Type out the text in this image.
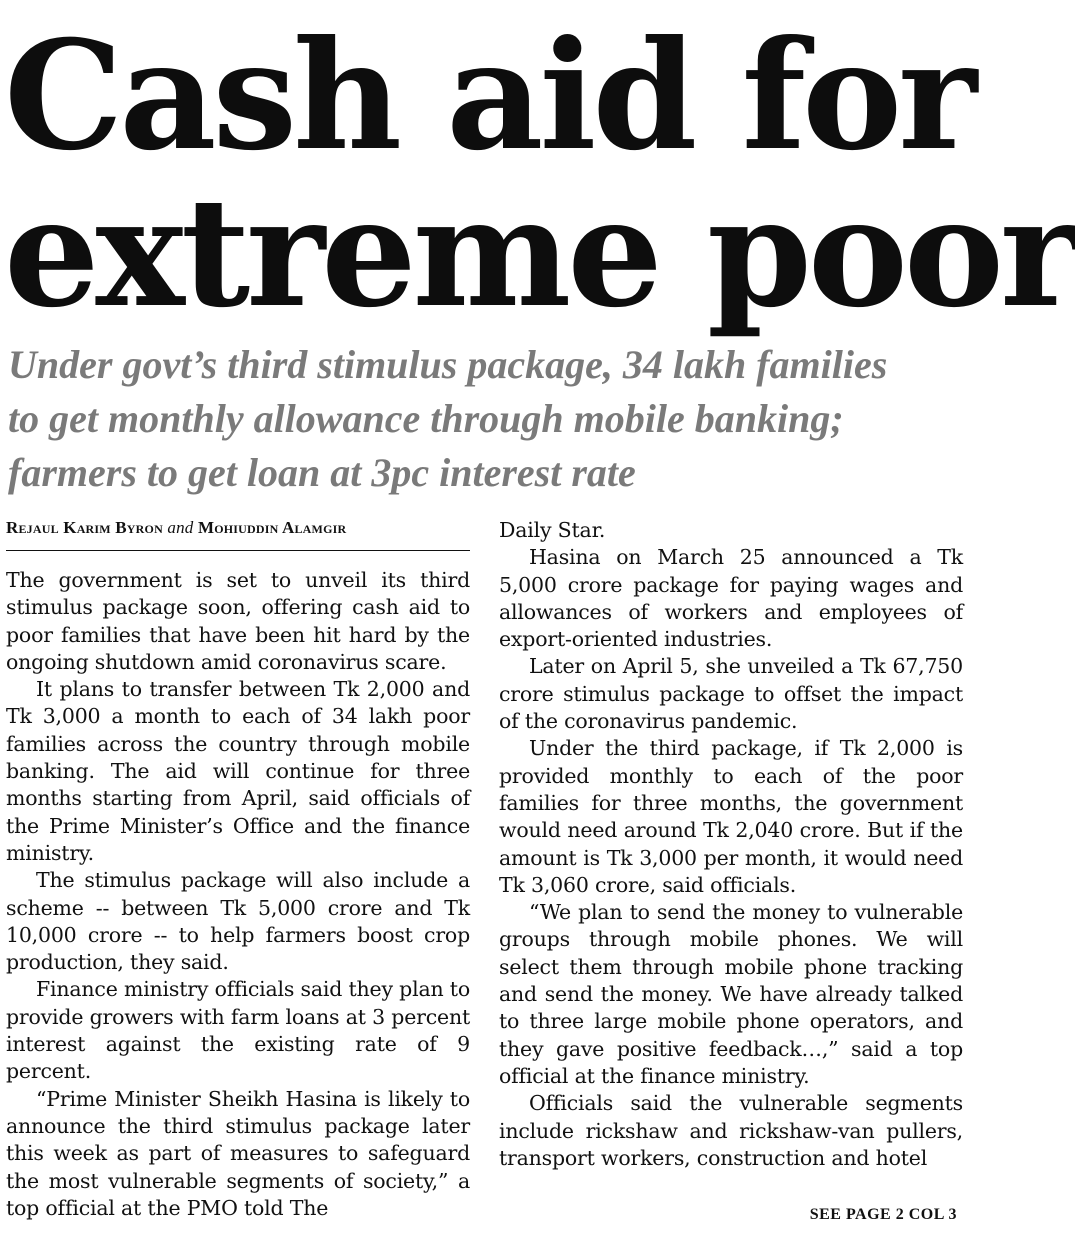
Cash aid for
extreme poor
Under govt’s third stimulus package, 34 lakh families
to get monthly allowance through mobile banking;
farmers to get loan at 3pc interest rate
Rejaul Karim Byron and Mohiuddin Alamgir

The government is set to unveil its third stimulus package soon, offering cash aid to poor families that have been hit hard by the ongoing shutdown amid coronavirus scare.

It plans to transfer between Tk 2,000 and Tk 3,000 a month to each of 34 lakh poor families across the country through mobile banking. The aid will continue for three months starting from April, said officials of the Prime Minister’s Office and the finance ministry.

The stimulus package will also include a scheme -- between Tk 5,000 crore and Tk 10,000 crore -- to help farmers boost crop production, they said.

Finance ministry officials said they plan to provide growers with farm loans at 3 percent interest against the existing rate of 9 percent.

“Prime Minister Sheikh Hasina is likely to announce the third stimulus package later this week as part of measures to safeguard the most vulnerable segments of society,” a top official at the PMO told The

Daily Star.

Hasina on March 25 announced a Tk 5,000 crore package for paying wages and allowances of workers and employees of export-oriented industries.

Later on April 5, she unveiled a Tk 67,750 crore stimulus package to offset the impact of the coronavirus pandemic.

Under the third package, if Tk 2,000 is provided monthly to each of the poor families for three months, the government would need around Tk 2,040 crore. But if the amount is Tk 3,000 per month, it would need Tk 3,060 crore, said officials.

“We plan to send the money to vulnerable groups through mobile phones. We will select them through mobile phone tracking and send the money. We have already talked to three large mobile phone operators, and they gave positive feedback…,” said a top official at the finance ministry.

Officials said the vulnerable segments include rickshaw and rickshaw-van pullers, transport workers, construction and hotel

SEE PAGE 2 COL 3
